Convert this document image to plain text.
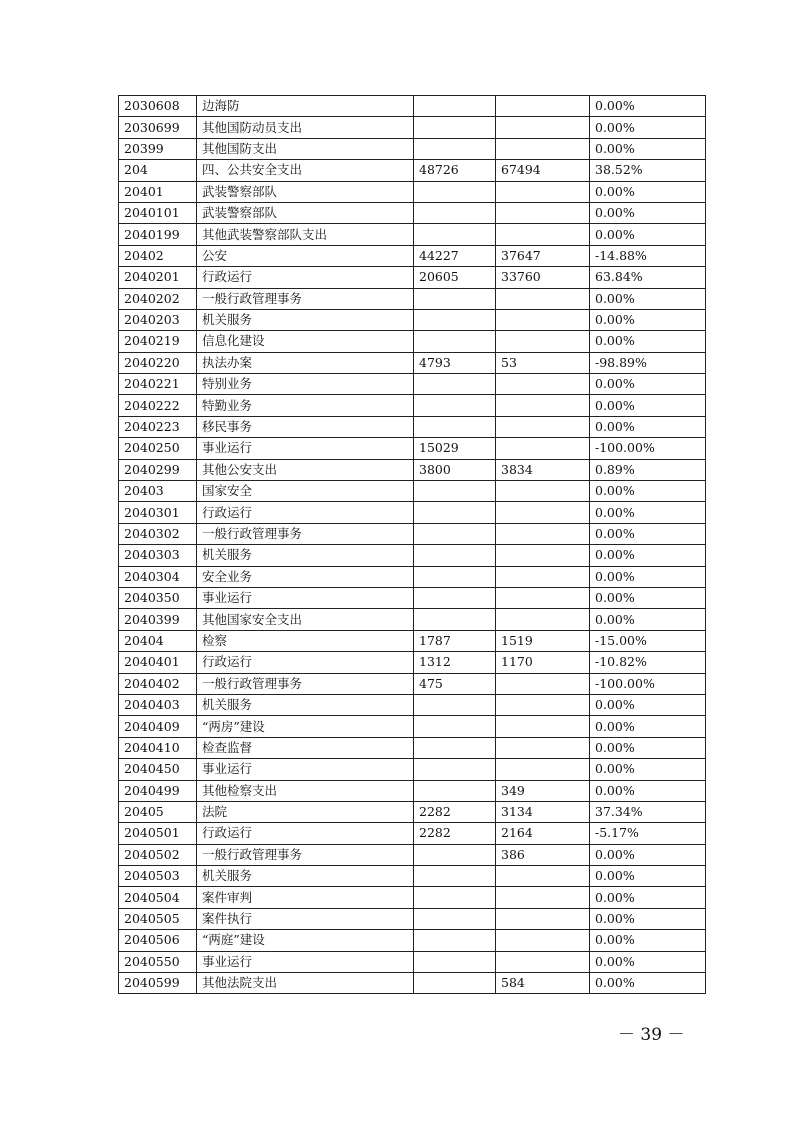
2030608	边海防			0.00%
2030699	其他国防动员支出			0.00%
20399	其他国防支出			0.00%
204	四、公共安全支出	48726	67494	38.52%
20401	武装警察部队			0.00%
2040101	武装警察部队			0.00%
2040199	其他武装警察部队支出			0.00%
20402	公安	44227	37647	-14.88%
2040201	行政运行	20605	33760	63.84%
2040202	一般行政管理事务			0.00%
2040203	机关服务			0.00%
2040219	信息化建设			0.00%
2040220	执法办案	4793	53	-98.89%
2040221	特别业务			0.00%
2040222	特勤业务			0.00%
2040223	移民事务			0.00%
2040250	事业运行	15029		-100.00%
2040299	其他公安支出	3800	3834	0.89%
20403	国家安全			0.00%
2040301	行政运行			0.00%
2040302	一般行政管理事务			0.00%
2040303	机关服务			0.00%
2040304	安全业务			0.00%
2040350	事业运行			0.00%
2040399	其他国家安全支出			0.00%
20404	检察	1787	1519	-15.00%
2040401	行政运行	1312	1170	-10.82%
2040402	一般行政管理事务	475		-100.00%
2040403	机关服务			0.00%
2040409	“两房”建设			0.00%
2040410	检查监督			0.00%
2040450	事业运行			0.00%
2040499	其他检察支出		349	0.00%
20405	法院	2282	3134	37.34%
2040501	行政运行	2282	2164	-5.17%
2040502	一般行政管理事务		386	0.00%
2040503	机关服务			0.00%
2040504	案件审判			0.00%
2040505	案件执行			0.00%
2040506	“两庭”建设			0.00%
2040550	事业运行			0.00%
2040599	其他法院支出		584	0.00%
－ 39 －
